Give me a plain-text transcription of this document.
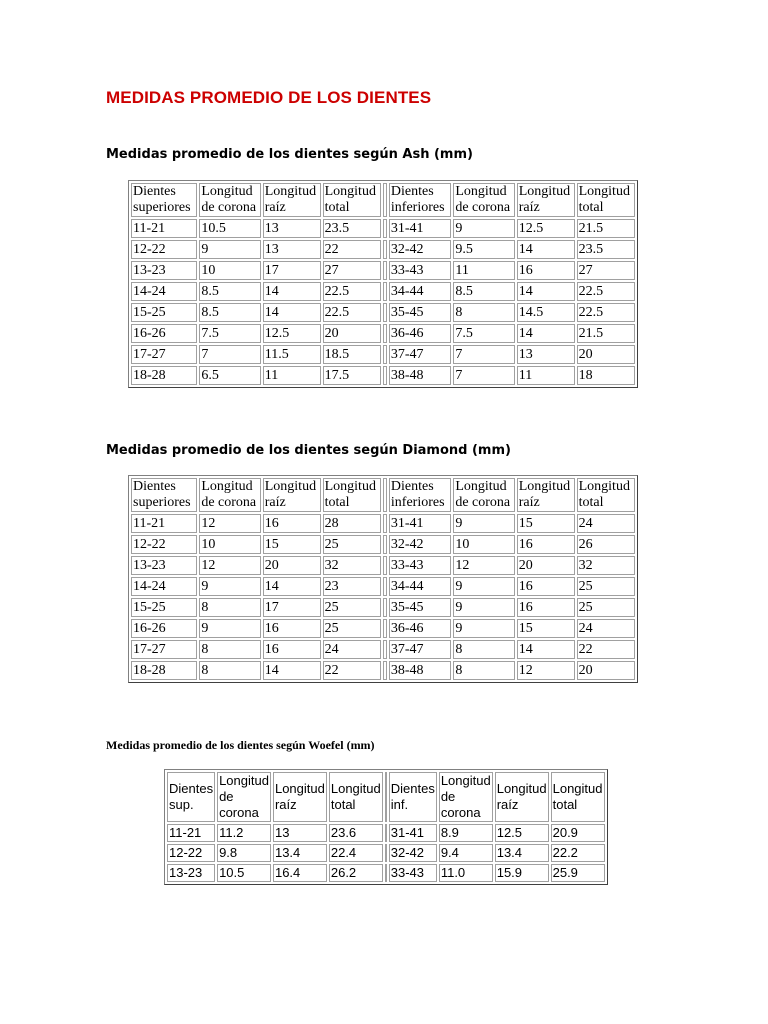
MEDIDAS PROMEDIO DE LOS DIENTES

Medidas promedio de los dientes según Ash (mm)

Dientes superiores	Longitud de corona	Longitud raíz	Longitud total		Dientes inferiores	Longitud de corona	Longitud raíz	Longitud total
11-21	10.5	13	23.5		31-41	9	12.5	21.5
12-22	9	13	22		32-42	9.5	14	23.5
13-23	10	17	27		33-43	11	16	27
14-24	8.5	14	22.5		34-44	8.5	14	22.5
15-25	8.5	14	22.5		35-45	8	14.5	22.5
16-26	7.5	12.5	20		36-46	7.5	14	21.5
17-27	7	11.5	18.5		37-47	7	13	20
18-28	6.5	11	17.5		38-48	7	11	18

Medidas promedio de los dientes según Diamond (mm)

Dientes superiores	Longitud de corona	Longitud raíz	Longitud total		Dientes inferiores	Longitud de corona	Longitud raíz	Longitud total
11-21	12	16	28		31-41	9	15	24
12-22	10	15	25		32-42	10	16	26
13-23	12	20	32		33-43	12	20	32
14-24	9	14	23		34-44	9	16	25
15-25	8	17	25		35-45	9	16	25
16-26	9	16	25		36-46	9	15	24
17-27	8	16	24		37-47	8	14	22
18-28	8	14	22		38-48	8	12	20

Medidas promedio de los dientes según Woefel (mm)

Dientes sup.	Longitud de corona	Longitud raíz	Longitud total		Dientes inf.	Longitud de corona	Longitud raíz	Longitud total
11-21	11.2	13	23.6		31-41	8.9	12.5	20.9
12-22	9.8	13.4	22.4		32-42	9.4	13.4	22.2
13-23	10.5	16.4	26.2		33-43	11.0	15.9	25.9
